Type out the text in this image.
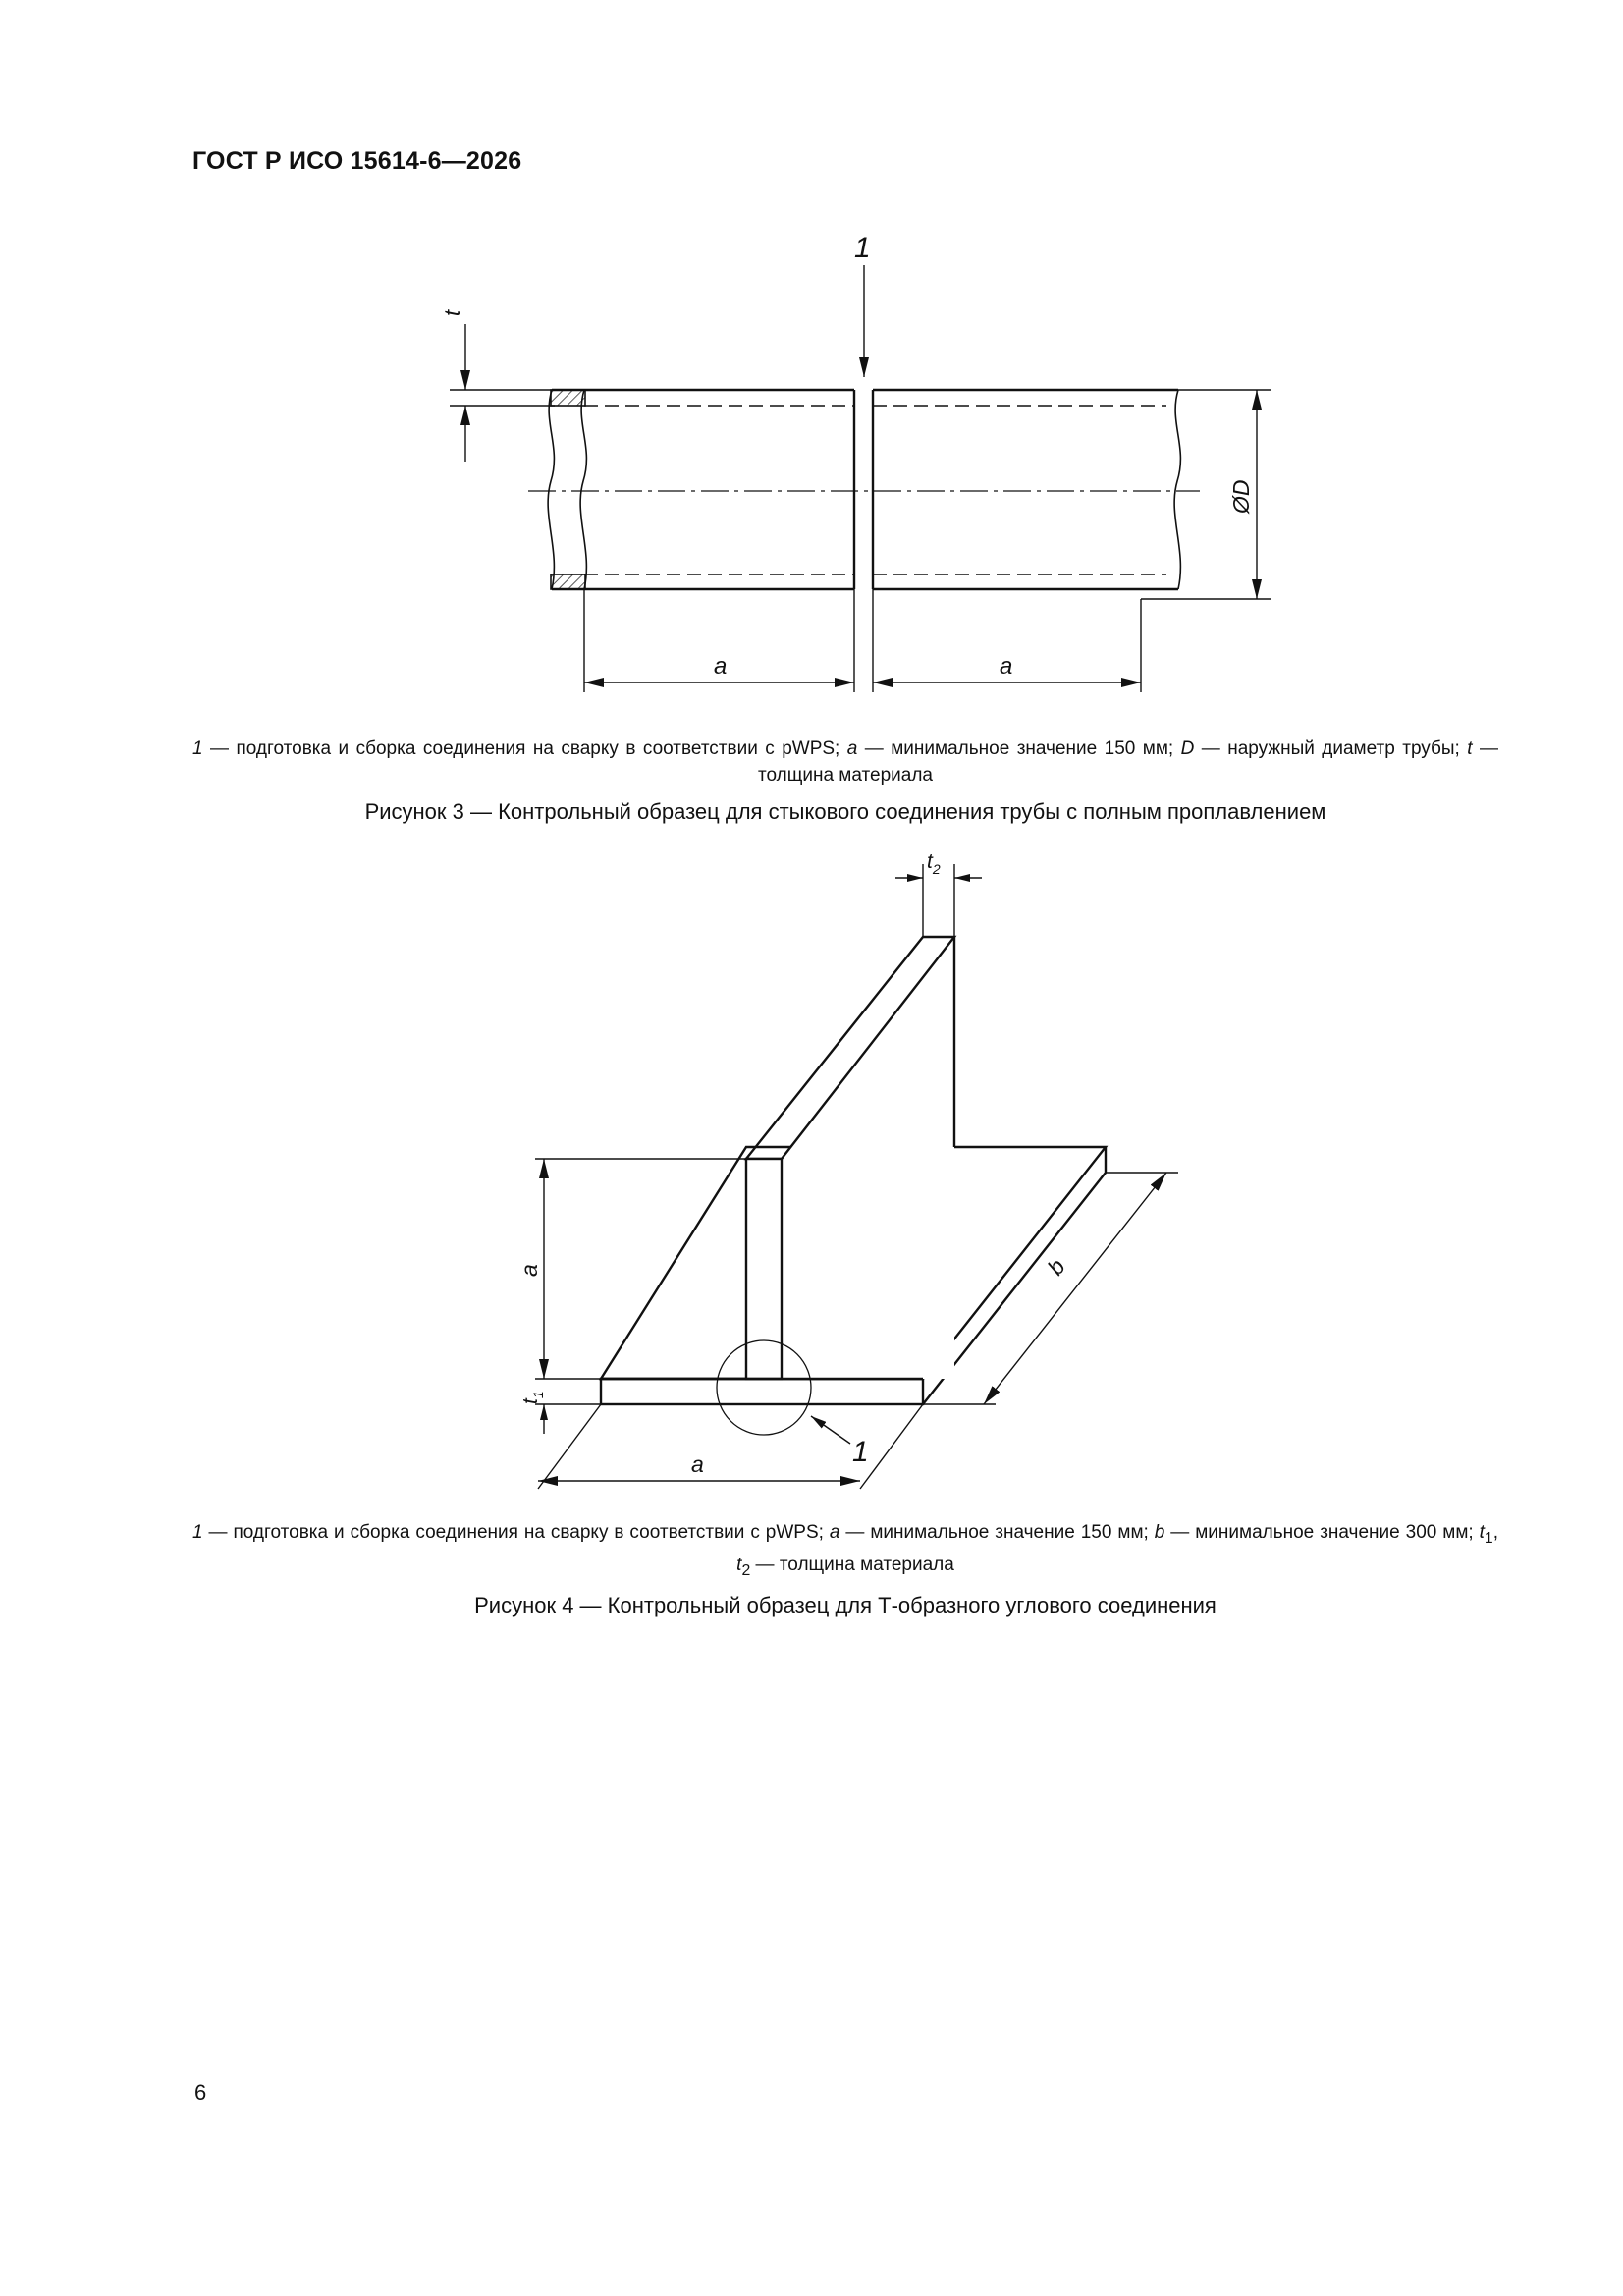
ГОСТ Р ИСО 15614-6—2026
1
t
a	a
ØD
1 — подготовка и сборка соединения на сварку в соответствии с pWPS; a — минимальное значение 150 мм; D — наружный диаметр трубы; t — толщина материала
Рисунок 3 — Контрольный образец для стыкового соединения трубы с полным проплавлением
$t_2$
a
$t_1$
a
b
1
1 — подготовка и сборка соединения на сварку в соответствии с pWPS; a — минимальное значение 150 мм; b — минимальное значение 300 мм; $t_1$, $t_2$ — толщина материала
Рисунок 4 — Контрольный образец для Т-образного углового соединения
6
